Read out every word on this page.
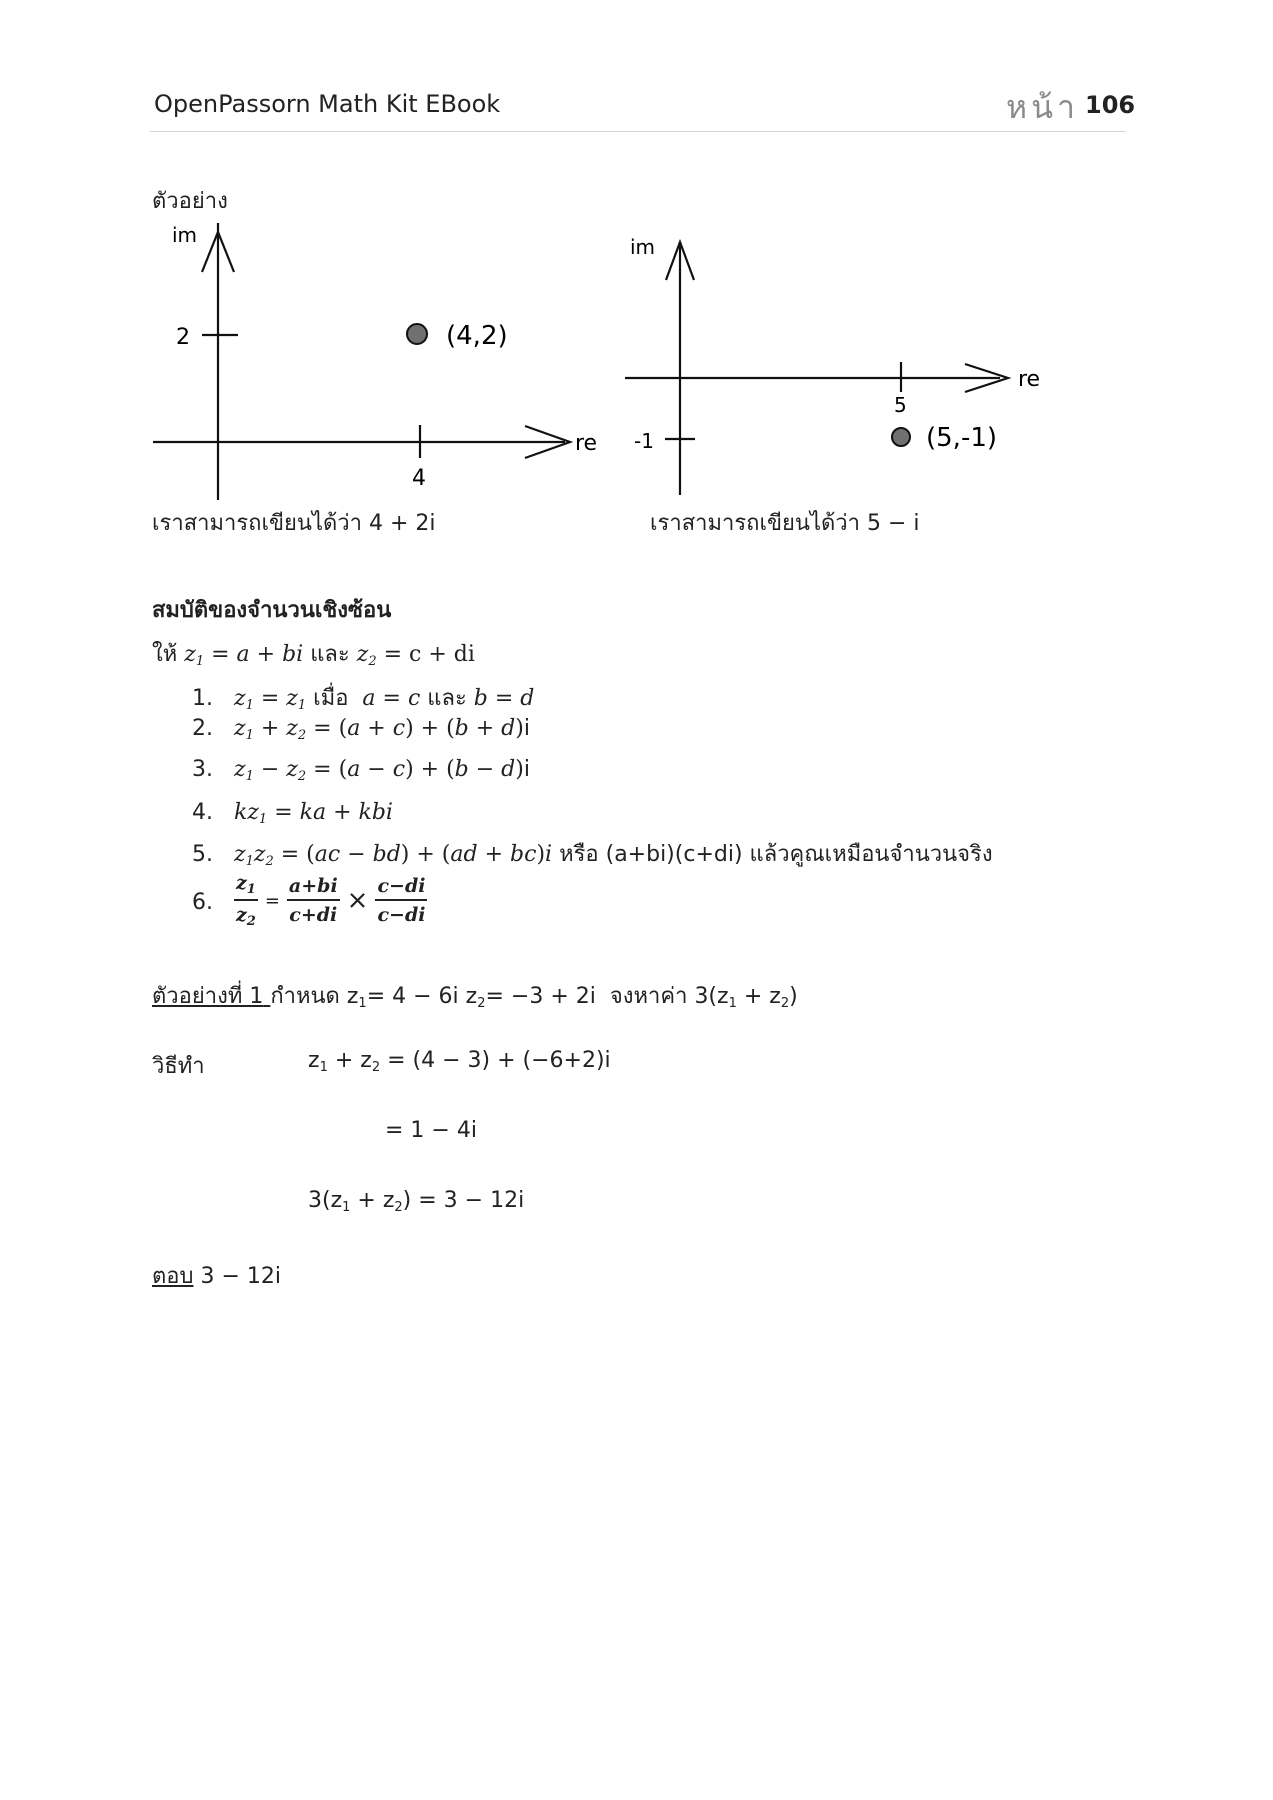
OpenPassorn Math Kit EBook	หน้า 106
ตัวอย่าง
im
re
2
4
(4,2)
เราสามารถเขียนได้ว่า 4 + 2i
im
re
-1
5
(5,-1)
เราสามารถเขียนได้ว่า 5 − i
สมบัติของจำนวนเชิงซ้อน
ให้ $z_1 = a$ + bi และ $z_2 = c$ + di
1. $z_1 = z_1$ เมื่อ a = c และ b = d
2. $z_1 + z_2 = (a + c) + (b + d)i$
3. $z_1 - z_2 = (a - c) + (b - d)i$
4. $kz_1$ = ka + kbi
5. $z_1z_2 = (ac - bd) + (ad + bc)i$ หรือ (a+bi)(c+di) แล้วคูณเหมือนจำนวนจริง
6. $\frac{z_1}{z_2} = \frac{a+bi}{c+di} \times \frac{c-di}{c-di}$
ตัวอย่างที่ 1 กำหนด $z_1= 4 - 6i$ $z_2= -3 + 2i$ จงหาค่า $3(z_1 + z_2)$
วิธีทำ	$z_1 + z_2 = (4 - 3) + (-6+2)i$
= 1 − 4i
$3(z_1 + z_2) = 3 - 12i$
ตอบ 3 − 12i
